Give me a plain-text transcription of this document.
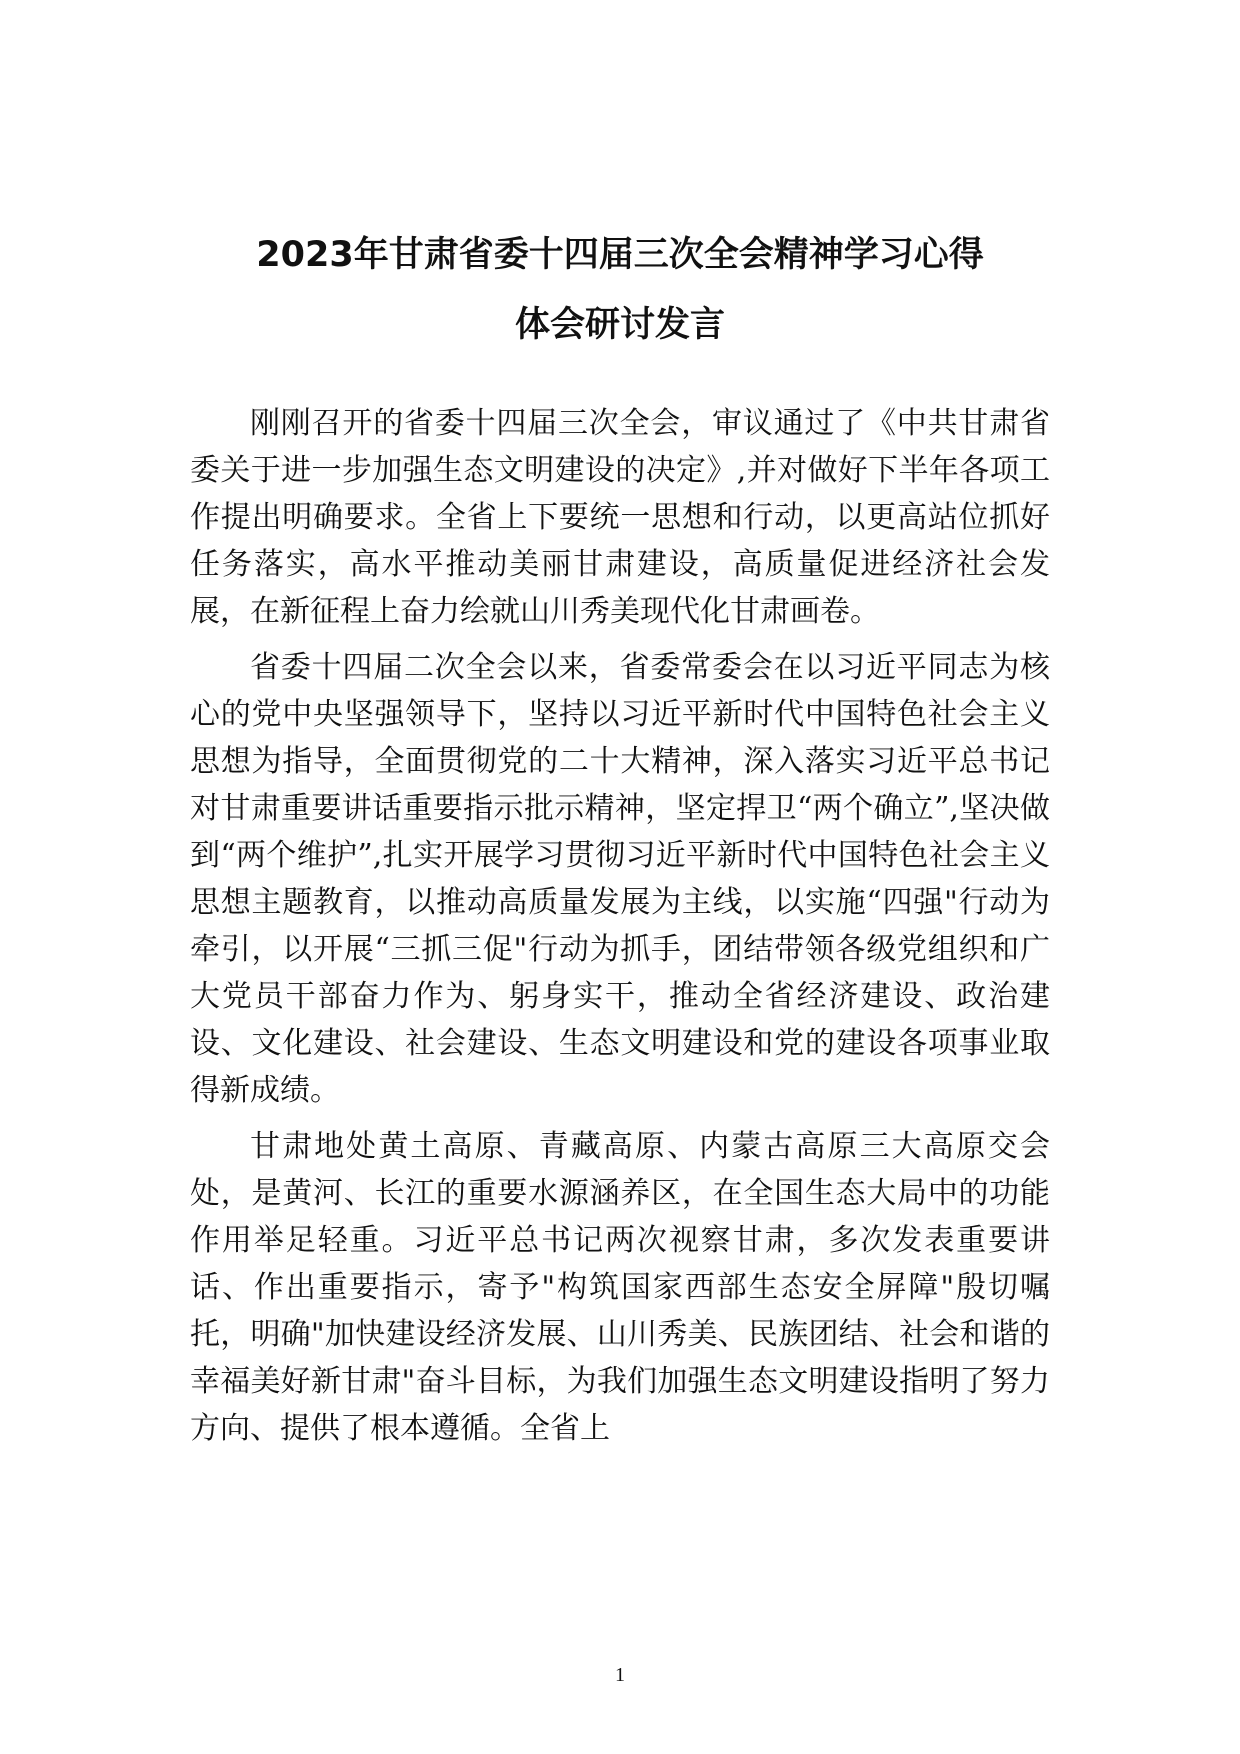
2023年甘肃省委十四届三次全会精神学习心得体会研讨发言

刚刚召开的省委十四届三次全会，审议通过了《中共甘肃省委关于进一步加强生态文明建设的决定》,并对做好下半年各项工作提出明确要求。全省上下要统一思想和行动，以更高站位抓好任务落实，高水平推动美丽甘肃建设，高质量促进经济社会发展，在新征程上奋力绘就山川秀美现代化甘肃画卷。

省委十四届二次全会以来，省委常委会在以习近平同志为核心的党中央坚强领导下，坚持以习近平新时代中国特色社会主义思想为指导，全面贯彻党的二十大精神，深入落实习近平总书记对甘肃重要讲话重要指示批示精神，坚定捍卫“两个确立”,坚决做到“两个维护”,扎实开展学习贯彻习近平新时代中国特色社会主义思想主题教育，以推动高质量发展为主线，以实施“四强"行动为牵引，以开展“三抓三促"行动为抓手，团结带领各级党组织和广大党员干部奋力作为、躬身实干，推动全省经济建设、政治建设、文化建设、社会建设、生态文明建设和党的建设各项事业取得新成绩。

甘肃地处黄土高原、青藏高原、内蒙古高原三大高原交会处，是黄河、长江的重要水源涵养区，在全国生态大局中的功能作用举足轻重。习近平总书记两次视察甘肃，多次发表重要讲话、作出重要指示，寄予"构筑国家西部生态安全屏障"殷切嘱托，明确"加快建设经济发展、山川秀美、民族团结、社会和谐的幸福美好新甘肃"奋斗目标，为我们加强生态文明建设指明了努力方向、提供了根本遵循。全省上

1
